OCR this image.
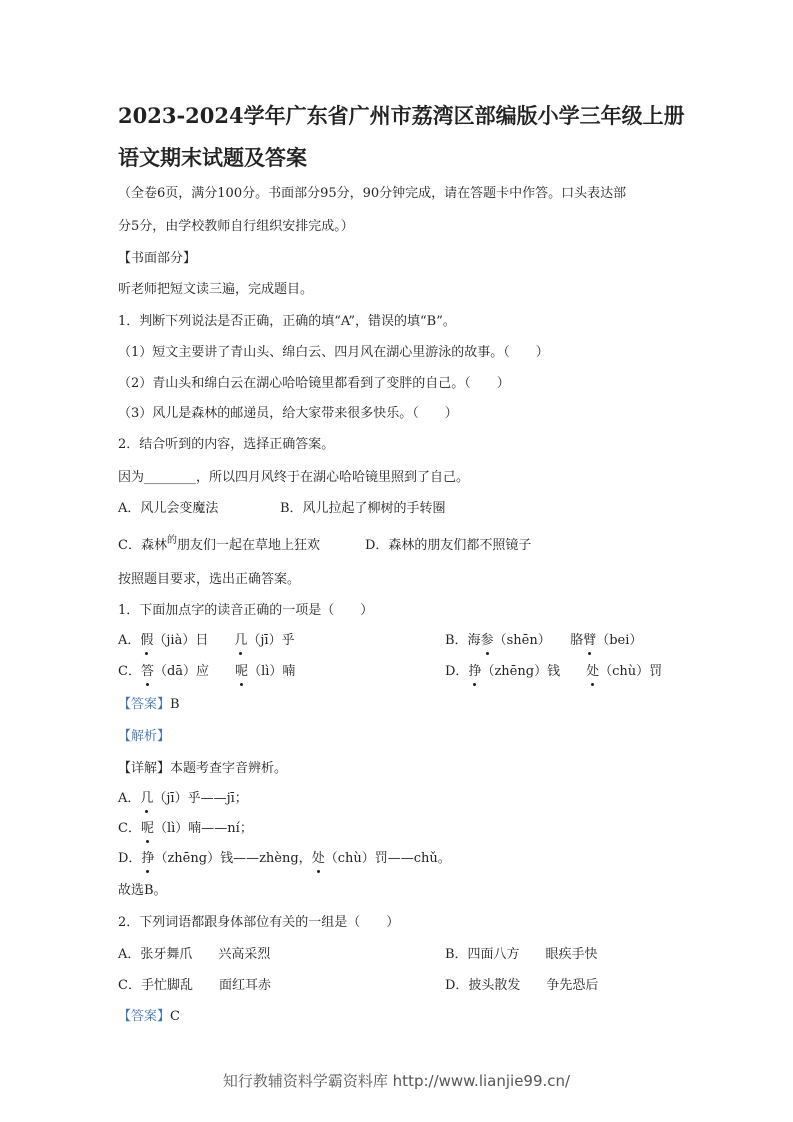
2023-2024学年广东省广州市荔湾区部编版小学三年级上册
语文期末试题及答案
（全卷6页，满分100分。书面部分95分，90分钟完成，请在答题卡中作答。口头表达部
分5分，由学校教师自行组织安排完成。）
【书面部分】
听老师把短文读三遍，完成题目。
1．判断下列说法是否正确，正确的填“A”，错误的填“B”。
（1）短文主要讲了青山头、绵白云、四月风在湖心里游泳的故事。（　　）
（2）青山头和绵白云在湖心哈哈镜里都看到了变胖的自己。（　　）
（3）风儿是森林的邮递员，给大家带来很多快乐。（　　）
2．结合听到的内容，选择正确答案。
因为________，所以四月风终于在湖心哈哈镜里照到了自己。
A．风儿会变魔法	B．风儿拉起了柳树的手转圈
C．森林$^的$朋友们一起在草地上狂欢	D．森林的朋友们都不照镜子
按照题目要求，选出正确答案。
1．下面加点字的读音正确的一项是（　　）
A．假（jià）日　　几（jī）乎	B．海参（shēn）　　胳臂（bei）
C．答（dā）应　　呢（lì）喃	D．挣（zhēng）钱　　处（chù）罚
【答案】B
【解析】
【详解】本题考查字音辨析。
A．几（jī）乎——jī；
C．呢（lì）喃——ní；
D．挣（zhēng）钱——zhèng，处（chù）罚——chǔ。
故选B。
2．下列词语都跟身体部位有关的一组是（　　）
A．张牙舞爪　　兴高采烈	B．四面八方　　眼疾手快
C．手忙脚乱　　面红耳赤	D．披头散发　　争先恐后
【答案】C
知行教辅资料学霸资料库 http://www.lianjie99.cn/
